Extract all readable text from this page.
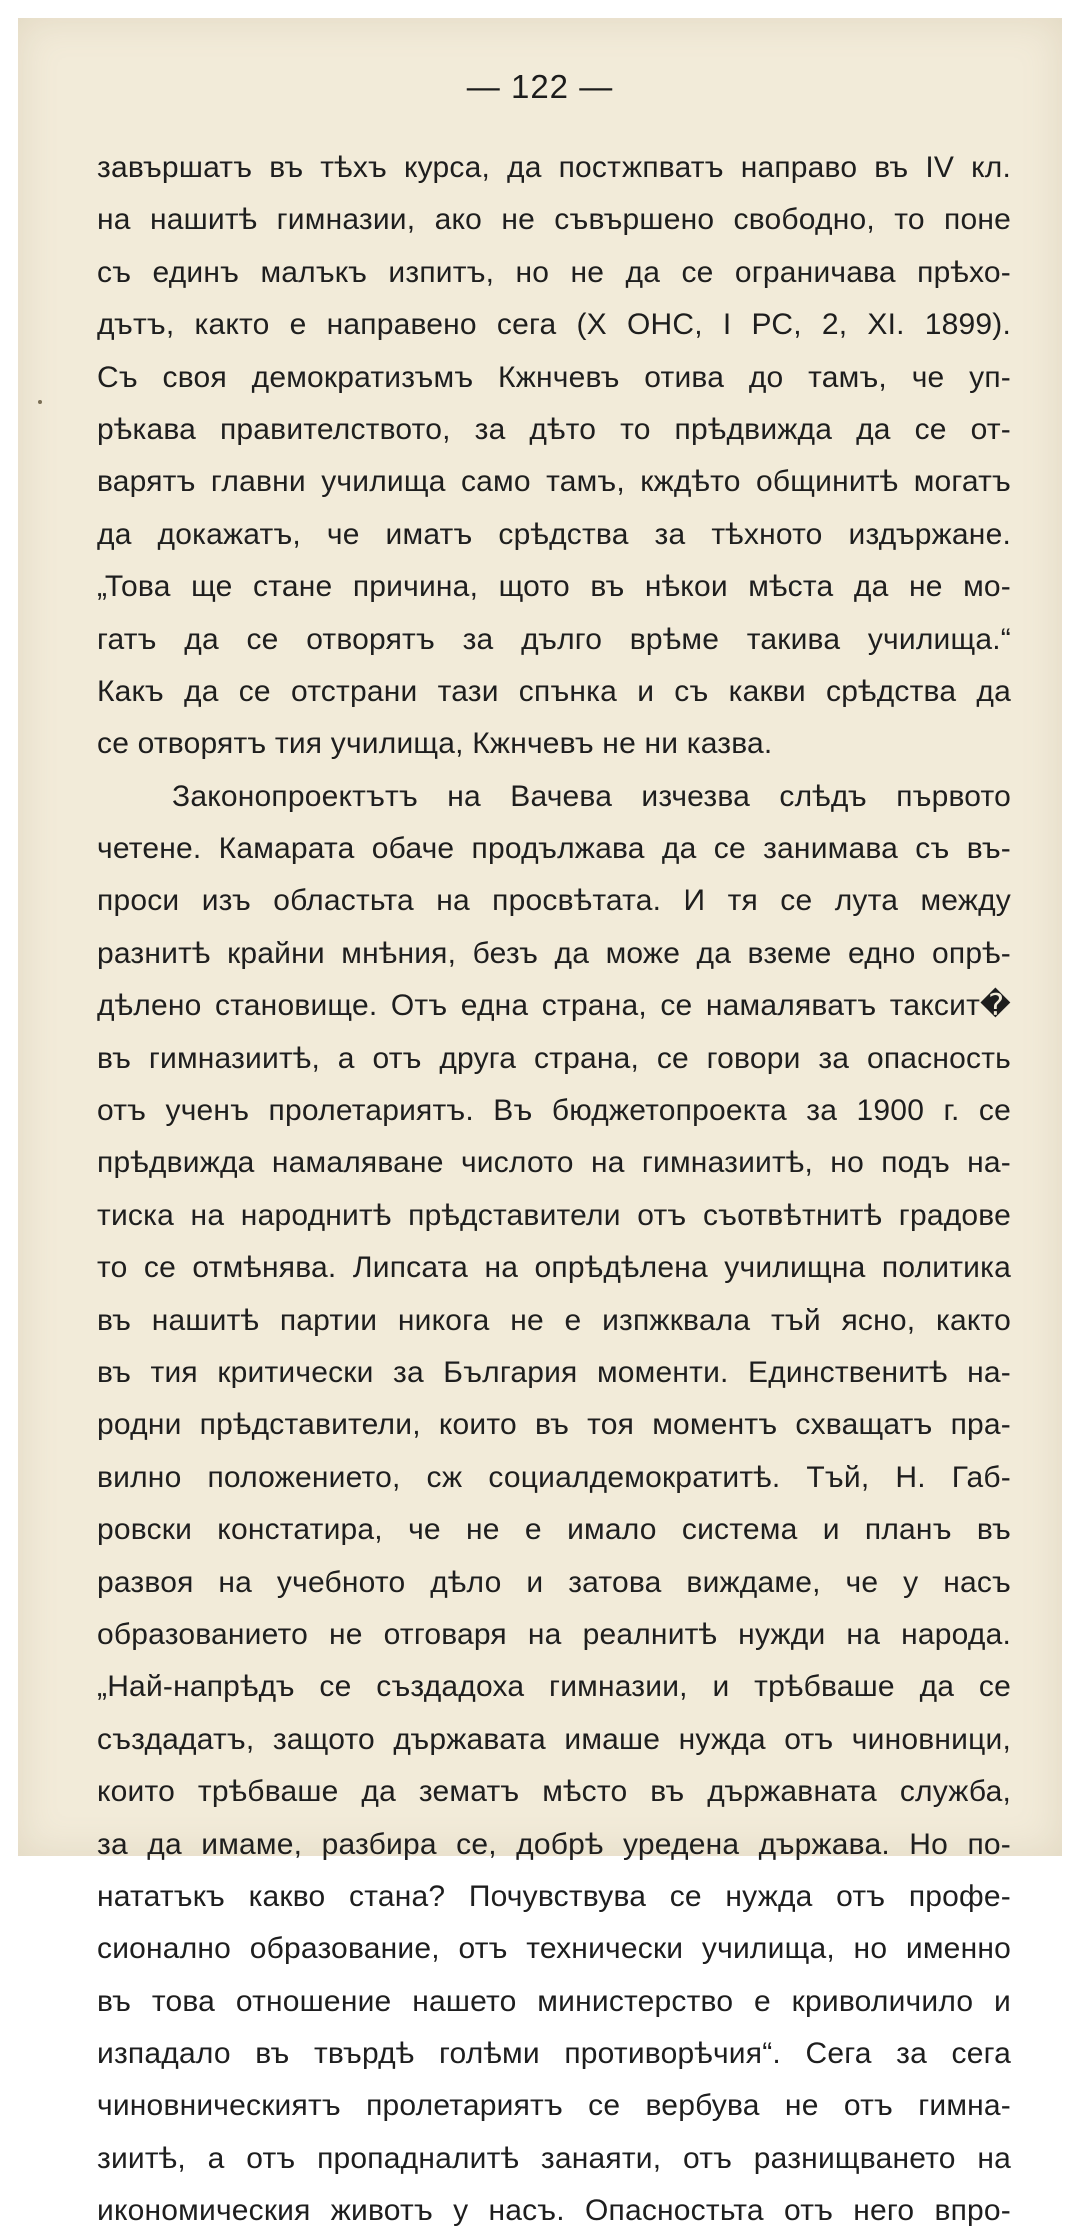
— 122 —

завършатъ въ тѣхъ курса, да постжпватъ направо въ IV кл.
на нашитѣ гимназии, ако не съвършено свободно, то поне
съ единъ малъкъ изпитъ, но не да се ограничава прѣхо-
дътъ, както е направено сега (X ОНС, I РС, 2, XI. 1899).
Съ своя демократизъмъ Кжнчевъ отива до тамъ, че уп-
рѣкава правителството, за дѣто то прѣдвижда да се от-
варятъ главни училища само тамъ, кждѣто общинитѣ могатъ
да докажатъ, че иматъ срѣдства за тѣхното издържане.
„Това ще стане причина, щото въ нѣкои мѣста да не мо-
гатъ да се отворятъ за дълго врѣме такива училища.“
Какъ да се отстрани тази спънка и съ какви срѣдства да
се отворятъ тия училища, Кжнчевъ не ни казва.
Законопроектътъ на Вачева изчезва слѣдъ първото
четене. Камарата обаче продължава да се занимава съ въ-
проси изъ областьта на просвѣтата. И тя се лута между
разнитѣ крайни мнѣния, безъ да може да вземе едно опрѣ-
дѣлено становище. Отъ една страна, се намаляватъ таксит�
въ гимназиитѣ, а отъ друга страна, се говори за опасность
отъ ученъ пролетариятъ. Въ бюджетопроекта за 1900 г. се
прѣдвижда намаляване числото на гимназиитѣ, но подъ на-
тиска на народнитѣ прѣдставители отъ съотвѣтнитѣ градове
то се отмѣнява. Липсата на опрѣдѣлена училищна политика
въ нашитѣ партии никога не е изпжквала тъй ясно, както
въ тия критически за България моменти. Единственитѣ на-
родни прѣдставители, които въ тоя моментъ схващатъ пра-
вилно положението, сж социалдемократитѣ. Тъй, Н. Габ-
ровски констатира, че не е имало система и планъ въ
развоя на учебното дѣло и затова виждаме, че у насъ
образованието не отговаря на реалнитѣ нужди на народа.
„Най-напрѣдъ се създадоха гимназии, и трѣбваше да се
създадатъ, защото държавата имаше нужда отъ чиновници,
които трѣбваше да зематъ мѣсто въ държавната служба,
за да имаме, разбира се, добрѣ уредена държава. Но по-
нататъкъ какво стана? Почувствува се нужда отъ профе-
сионално образование, отъ технически училища, но именно
въ това отношение нашето министерство е криволичило и
изпадало въ твърдѣ голѣми противорѣчия“. Сега за сега
чиновническиятъ пролетариятъ се вербува не отъ гимна-
зиитѣ, а отъ пропадналитѣ занаяти, отъ разнищването на
икономическия животъ у насъ. Опасностьта отъ него впро-
